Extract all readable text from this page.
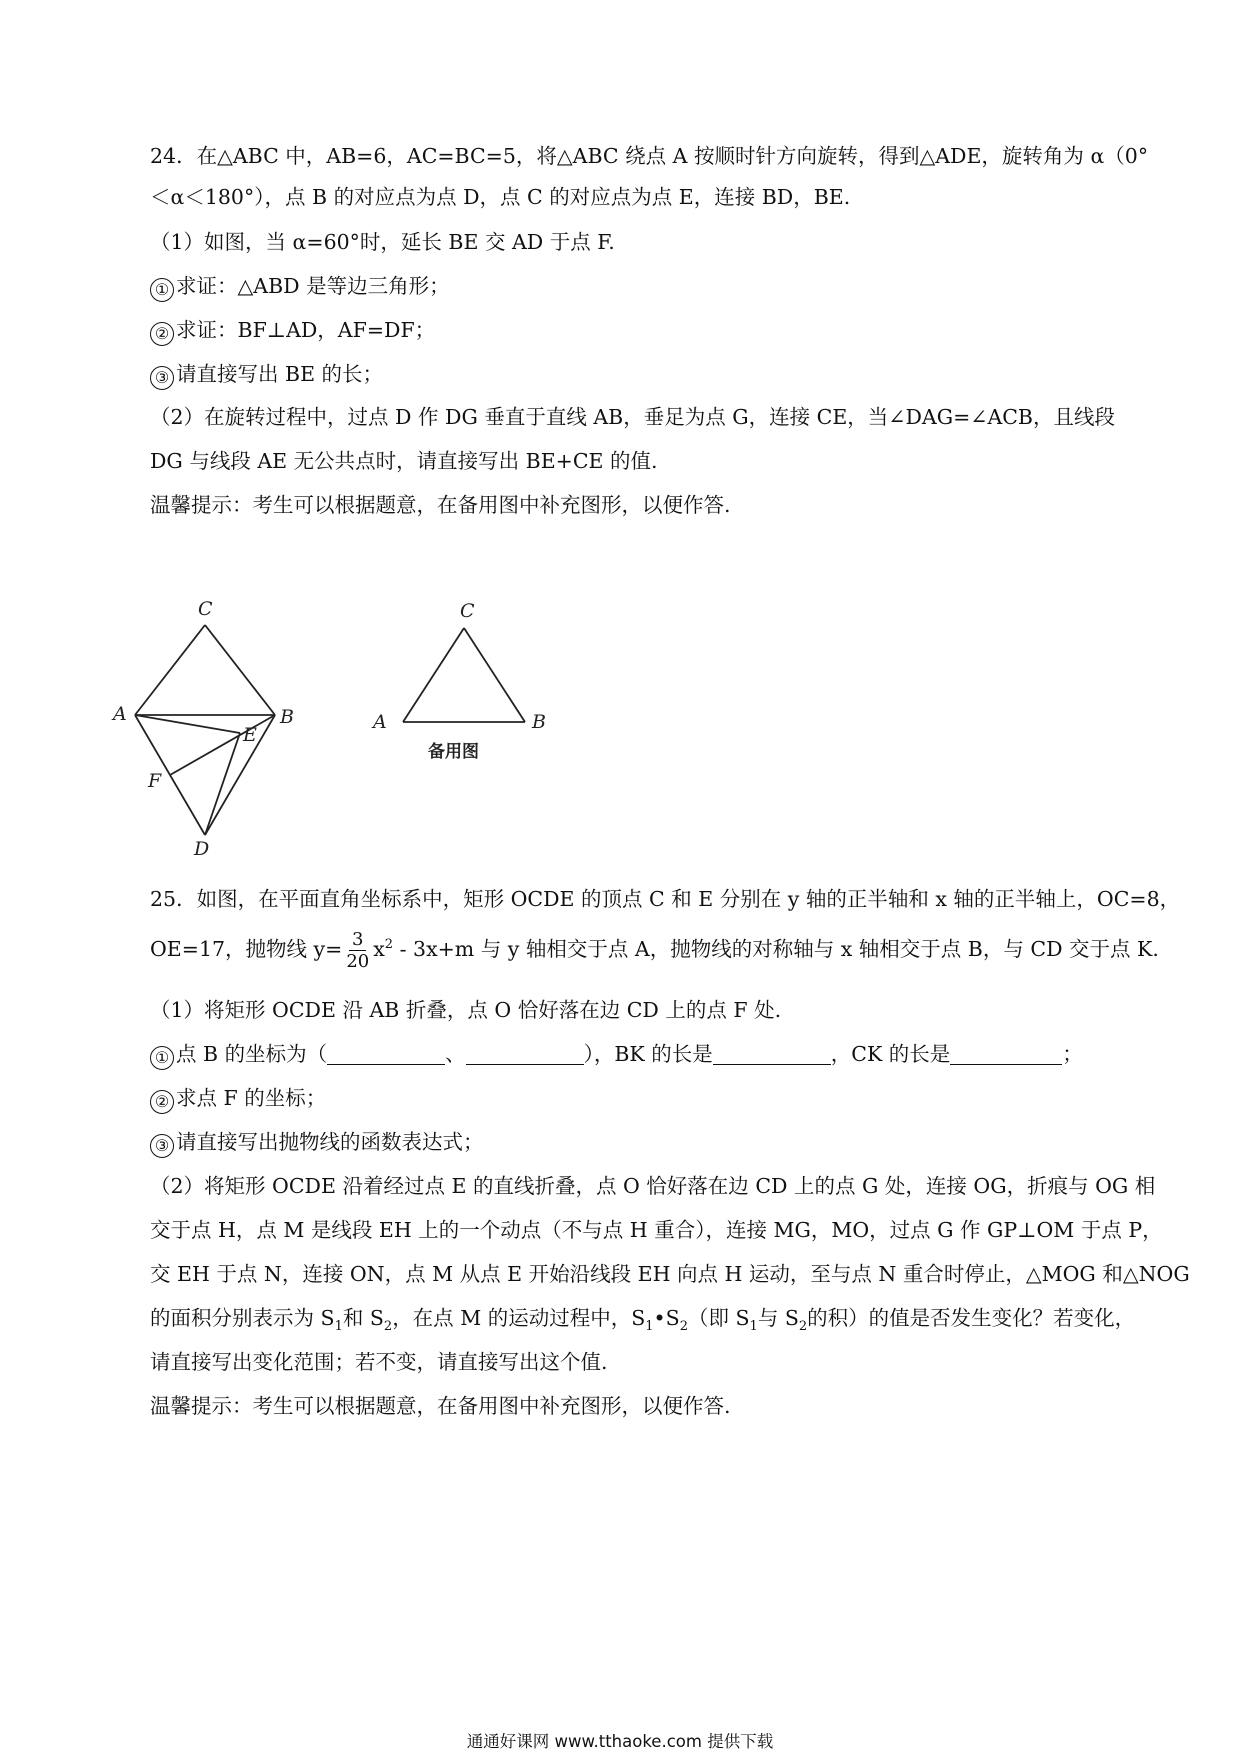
24．在△ABC 中，AB=6，AC=BC=5，将△ABC 绕点 A 按顺时针方向旋转，得到△ADE，旋转角为 α（0°
＜α＜180°），点 B 的对应点为点 D，点 C 的对应点为点 E，连接 BD，BE.
（1）如图，当 α=60°时，延长 BE 交 AD 于点 F.
① 求证：△ABD 是等边三角形；
② 求证：BF⊥AD，AF=DF；
③ 请直接写出 BE 的长；
（2）在旋转过程中，过点 D 作 DG 垂直于直线 AB，垂足为点 G，连接 CE，当∠DAG=∠ACB，且线段
DG 与线段 AE 无公共点时，请直接写出 BE+CE 的值.
温馨提示：考生可以根据题意，在备用图中补充图形，以便作答.
C
A	B
E
F
D
C
A	B
备用图
25．如图，在平面直角坐标系中，矩形 OCDE 的顶点 C 和 E 分别在 y 轴的正半轴和 x 轴的正半轴上，OC=8，
OE=17，抛物线 $y= \frac{3}{20} x^2 - 3x+m$ 与 y 轴相交于点 A，抛物线的对称轴与 x 轴相交于点 B，与 CD 交于点 K.
（1）将矩形 OCDE 沿 AB 折叠，点 O 恰好落在边 CD 上的点 F 处.
① 点 B 的坐标为（	、	），BK 的长是	，CK 的长是	；
② 求点 F 的坐标；
③ 请直接写出抛物线的函数表达式；
（2）将矩形 OCDE 沿着经过点 E 的直线折叠，点 O 恰好落在边 CD 上的点 G 处，连接 OG，折痕与 OG 相
交于点 H，点 M 是线段 EH 上的一个动点（不与点 H 重合），连接 MG，MO，过点 G 作 GP⊥OM 于点 P，
交 EH 于点 N，连接 ON，点 M 从点 E 开始沿线段 EH 向点 H 运动，至与点 N 重合时停止，△MOG 和△NOG
的面积分别表示为 $S_1$和 $S_2$，在点 M 的运动过程中，$S_1•S_2$（即 $S_1$与 $S_2$的积）的值是否发生变化？若变化，
请直接写出变化范围；若不变，请直接写出这个值.
温馨提示：考生可以根据题意，在备用图中补充图形，以便作答.
通通好课网 www.tthaoke.com 提供下载
